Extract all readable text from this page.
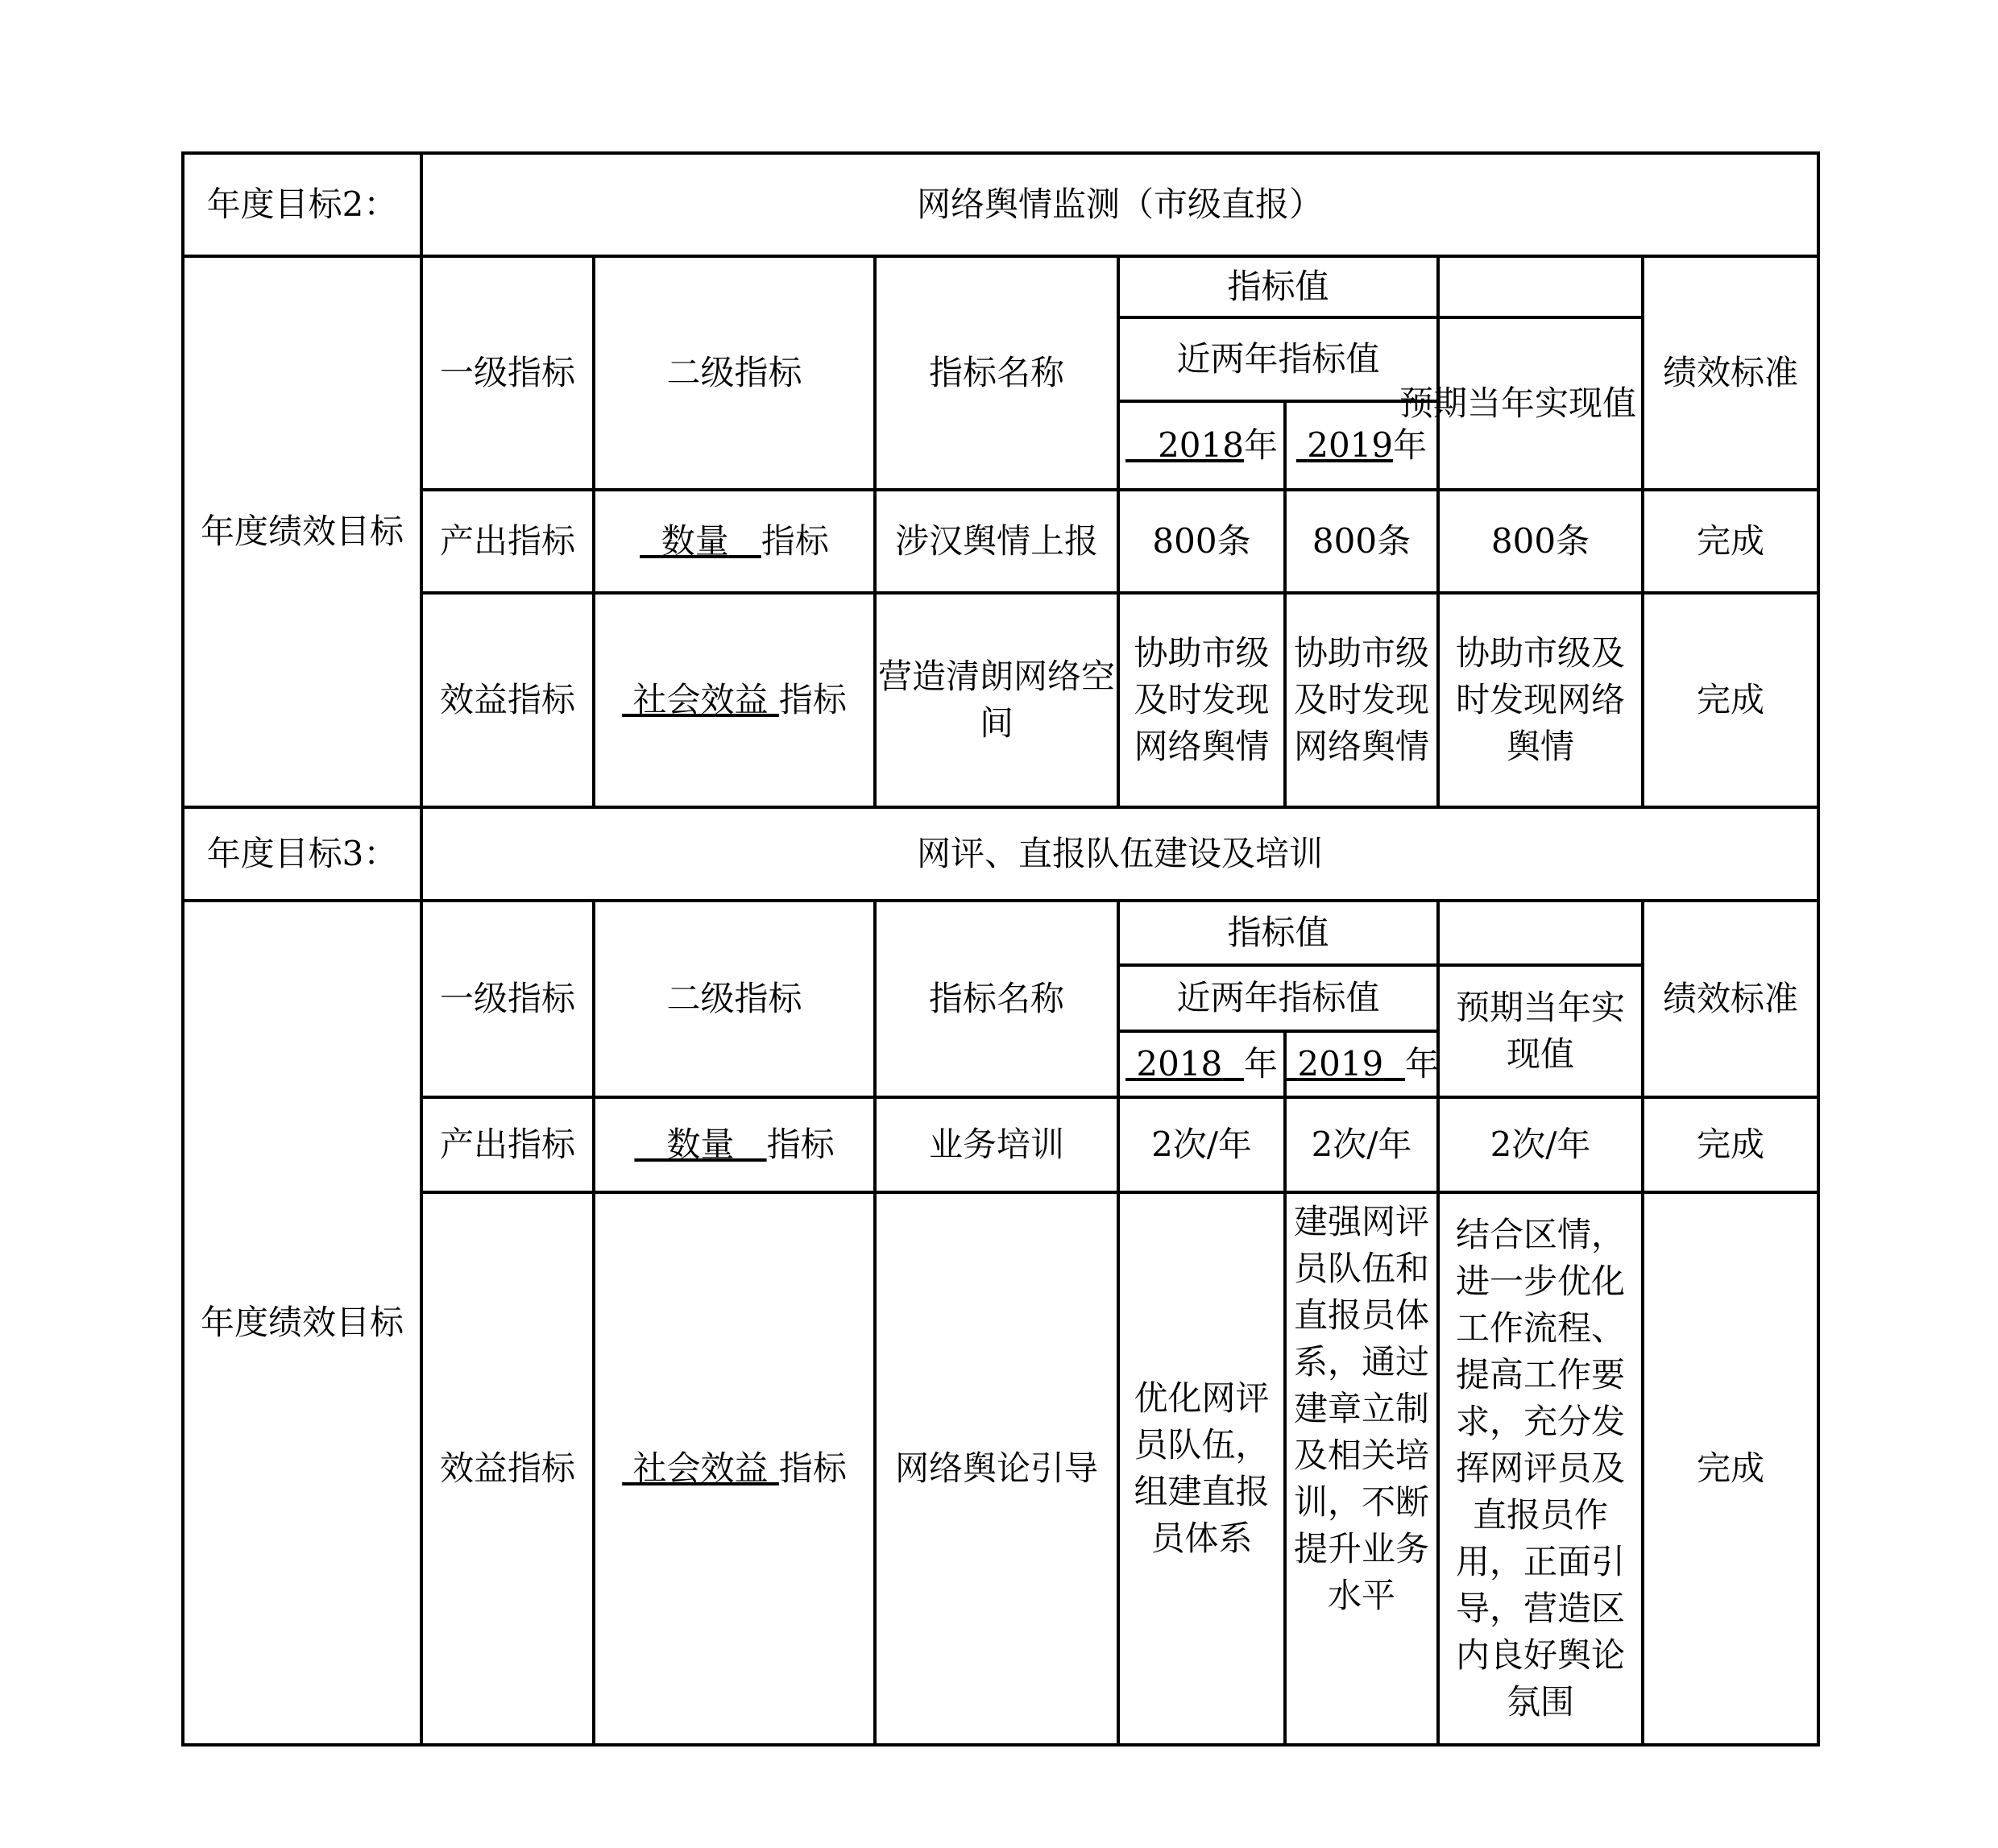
年度目标2：	网络舆情监测（市级直报）						
年度绩效目标	一级指标	二级指标	指标名称	指标值			绩效标准
				近两年指标值		预期当年实现值	
				2018年	2019年		
	产出指标	数量 指标	涉汉舆情上报	800条	800条	800条	完成
	效益指标	社会效益 指标	营造清朗网络空间	协助市级及时发现网络舆情	协助市级及时发现网络舆情	协助市级及时发现网络舆情	完成
年度目标3：	网评、直报队伍建设及培训						
年度绩效目标	一级指标	二级指标	指标名称	指标值			绩效标准
				近两年指标值		预期当年实现值	
				2018 年	2019 年		
	产出指标	数量 指标	业务培训	2次/年	2次/年	2次/年	完成
	效益指标	社会效益 指标	网络舆论引导	优化网评员队伍，组建直报员体系	建强网评员队伍和直报员体系，通过建章立制及相关培训，不断提升业务水平	结合区情，进一步优化工作流程、提高工作要求，充分发挥网评员及直报员作用，正面引导，营造区内良好舆论氛围	完成
